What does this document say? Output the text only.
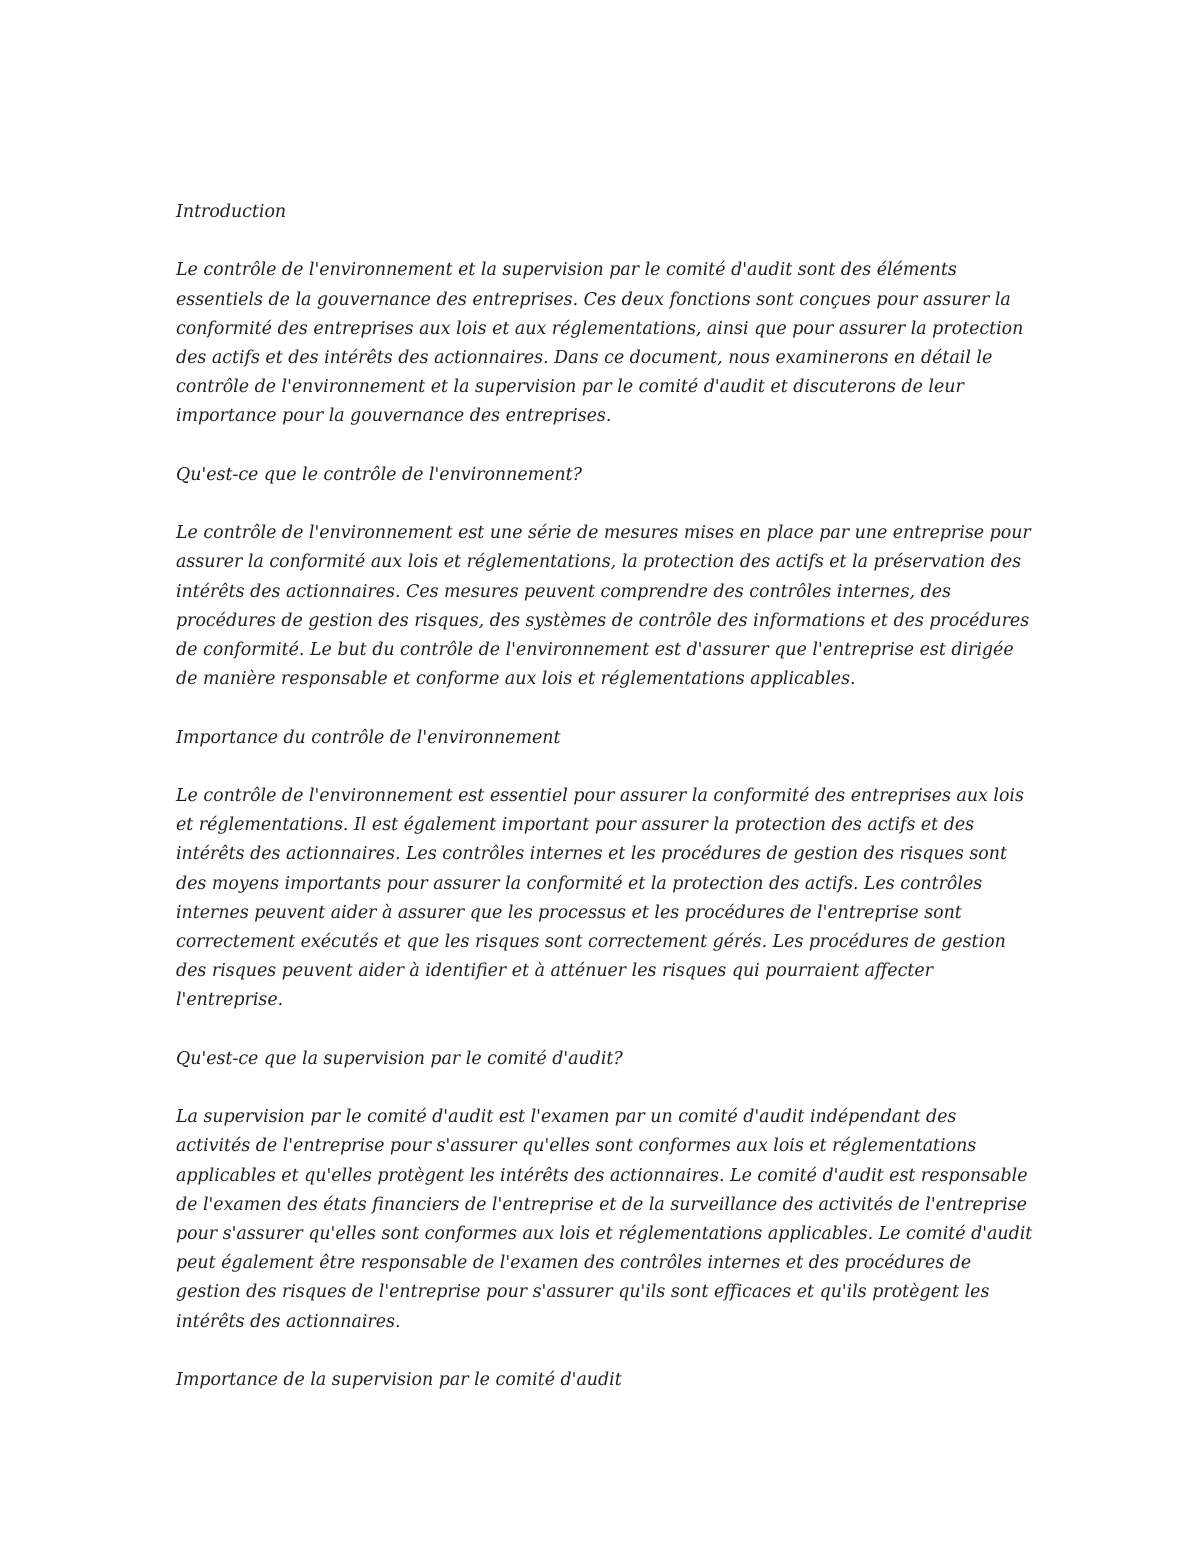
Introduction

Le contrôle de l'environnement et la supervision par le comité d'audit sont des éléments essentiels de la gouvernance des entreprises. Ces deux fonctions sont conçues pour assurer la conformité des entreprises aux lois et aux réglementations, ainsi que pour assurer la protection des actifs et des intérêts des actionnaires. Dans ce document, nous examinerons en détail le contrôle de l'environnement et la supervision par le comité d'audit et discuterons de leur importance pour la gouvernance des entreprises.

Qu'est-ce que le contrôle de l'environnement?

Le contrôle de l'environnement est une série de mesures mises en place par une entreprise pour assurer la conformité aux lois et réglementations, la protection des actifs et la préservation des intérêts des actionnaires. Ces mesures peuvent comprendre des contrôles internes, des procédures de gestion des risques, des systèmes de contrôle des informations et des procédures de conformité. Le but du contrôle de l'environnement est d'assurer que l'entreprise est dirigée de manière responsable et conforme aux lois et réglementations applicables.

Importance du contrôle de l'environnement

Le contrôle de l'environnement est essentiel pour assurer la conformité des entreprises aux lois et réglementations. Il est également important pour assurer la protection des actifs et des intérêts des actionnaires. Les contrôles internes et les procédures de gestion des risques sont des moyens importants pour assurer la conformité et la protection des actifs. Les contrôles internes peuvent aider à assurer que les processus et les procédures de l'entreprise sont correctement exécutés et que les risques sont correctement gérés. Les procédures de gestion des risques peuvent aider à identifier et à atténuer les risques qui pourraient affecter l'entreprise.

Qu'est-ce que la supervision par le comité d'audit?

La supervision par le comité d'audit est l'examen par un comité d'audit indépendant des activités de l'entreprise pour s'assurer qu'elles sont conformes aux lois et réglementations applicables et qu'elles protègent les intérêts des actionnaires. Le comité d'audit est responsable de l'examen des états financiers de l'entreprise et de la surveillance des activités de l'entreprise pour s'assurer qu'elles sont conformes aux lois et réglementations applicables. Le comité d'audit peut également être responsable de l'examen des contrôles internes et des procédures de gestion des risques de l'entreprise pour s'assurer qu'ils sont efficaces et qu'ils protègent les intérêts des actionnaires.

Importance de la supervision par le comité d'audit
